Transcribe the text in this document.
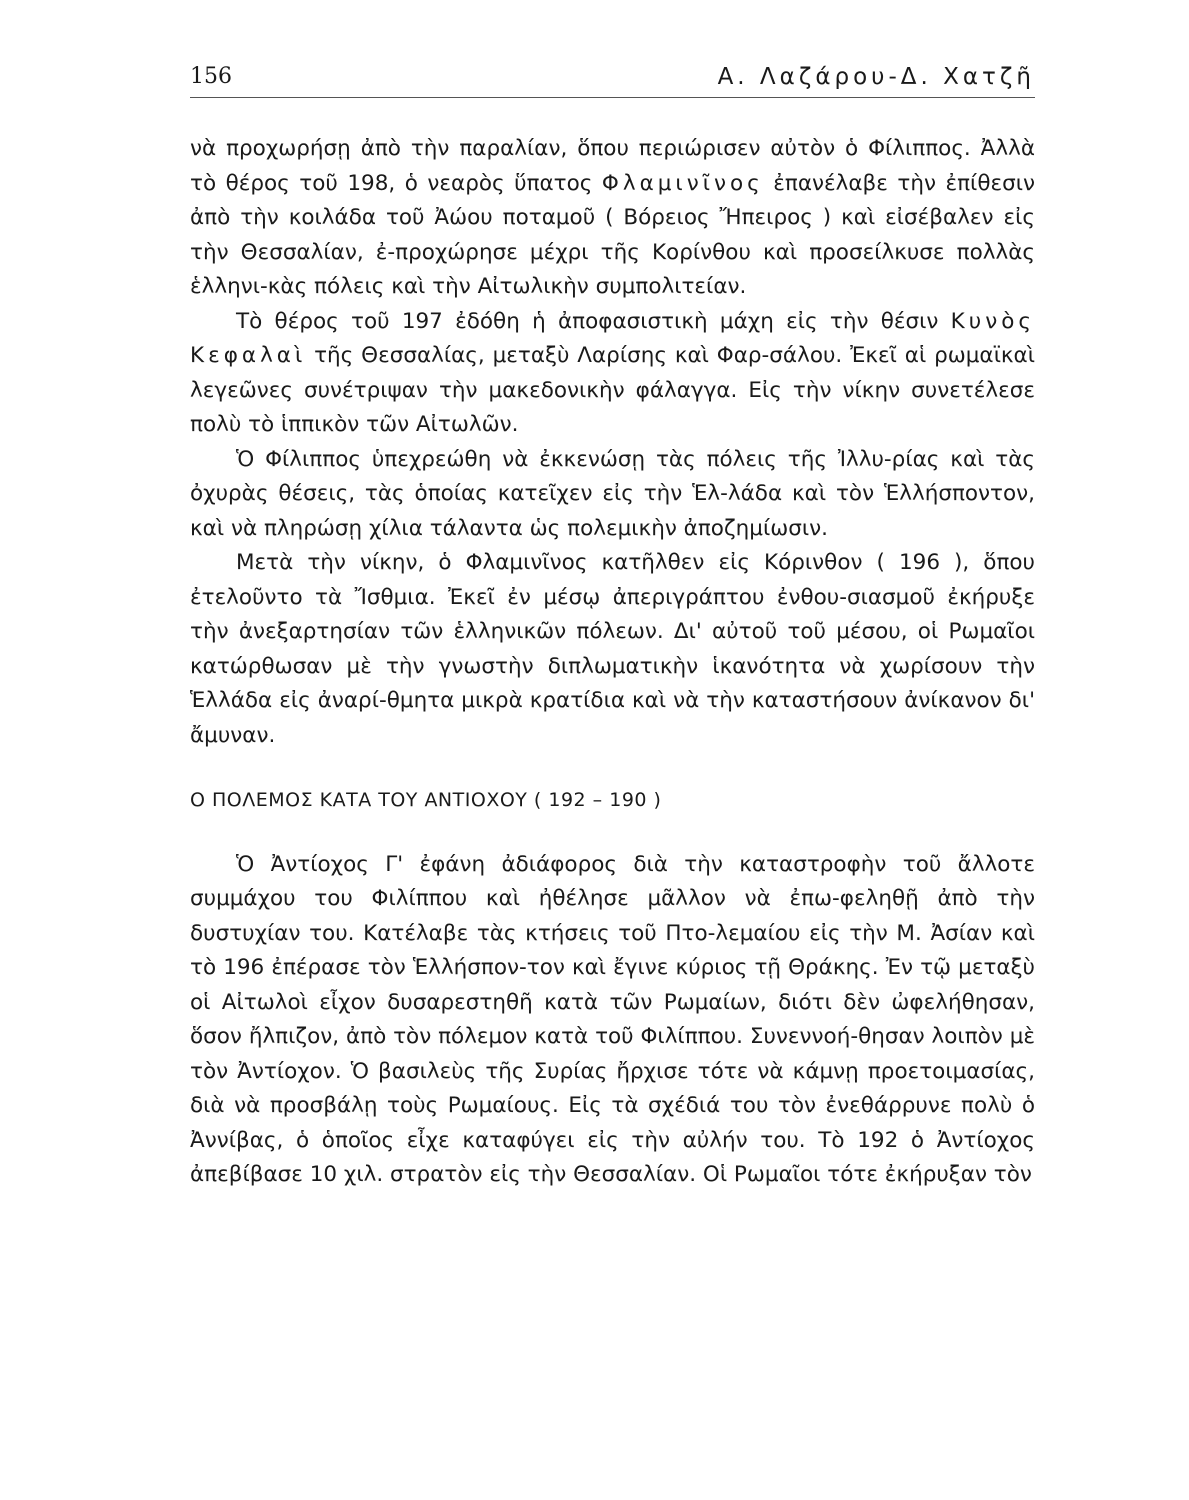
156	Α. Λαζάρου-Δ. Χατζῆ

νὰ προχωρήσῃ ἀπὸ τὴν παραλίαν, ὅπου περιώρισεν αὐτὸν ὁ Φίλιππος. Ἀλλὰ τὸ θέρος τοῦ 198, ὁ νεαρὸς ὕπατος Φλαμινῖνος ἐπανέλαβε τὴν ἐπίθεσιν ἀπὸ τὴν κοιλάδα τοῦ Ἀώου ποταμοῦ ( Βόρειος Ἤπειρος ) καὶ εἰσέβαλεν εἰς τὴν Θεσσαλίαν, ἐ-προχώρησε μέχρι τῆς Κορίνθου καὶ προσείλκυσε πολλὰς ἑλληνι-κὰς πόλεις καὶ τὴν Αἰτωλικὴν συμπολιτείαν.

Τὸ θέρος τοῦ 197 ἐδόθη ἡ ἀποφασιστικὴ μάχη εἰς τὴν θέσιν Κυνὸς Κεφαλαὶ τῆς Θεσσαλίας, μεταξὺ Λαρίσης καὶ Φαρ-σάλου. Ἐκεῖ αἱ ρωμαϊκαὶ λεγεῶνες συνέτριψαν τὴν μακεδονικὴν φάλαγγα. Εἰς τὴν νίκην συνετέλεσε πολὺ τὸ ἱππικὸν τῶν Αἰτωλῶν.

Ὁ Φίλιππος ὑπεχρεώθη νὰ ἐκκενώσῃ τὰς πόλεις τῆς Ἰλλυ-ρίας καὶ τὰς ὀχυρὰς θέσεις, τὰς ὁποίας κατεῖχεν εἰς τὴν Ἑλ-λάδα καὶ τὸν Ἑλλήσποντον, καὶ νὰ πληρώσῃ χίλια τάλαντα ὡς πολεμικὴν ἀποζημίωσιν.

Μετὰ τὴν νίκην, ὁ Φλαμινῖνος κατῆλθεν εἰς Κόρινθον ( 196 ), ὅπου ἐτελοῦντο τὰ Ἴσθμια. Ἐκεῖ ἐν μέσῳ ἀπεριγράπτου ἐνθου-σιασμοῦ ἐκήρυξε τὴν ἀνεξαρτησίαν τῶν ἑλληνικῶν πόλεων. Δι' αὐτοῦ τοῦ μέσου, οἱ Ρωμαῖοι κατώρθωσαν μὲ τὴν γνωστὴν διπλωματικὴν ἱκανότητα νὰ χωρίσουν τὴν Ἑλλάδα εἰς ἀναρί-θμητα μικρὰ κρατίδια καὶ νὰ τὴν καταστήσουν ἀνίκανον δι' ἄμυναν.

Ο ΠΟΛΕΜΟΣ ΚΑΤΑ ΤΟΥ ΑΝΤΙΟΧΟΥ ( 192 – 190 )

Ὁ Ἀντίοχος Γ' ἐφάνη ἀδιάφορος διὰ τὴν καταστροφὴν τοῦ ἄλλοτε συμμάχου του Φιλίππου καὶ ἠθέλησε μᾶλλον νὰ ἐπω-φεληθῇ ἀπὸ τὴν δυστυχίαν του. Κατέλαβε τὰς κτήσεις τοῦ Πτο-λεμαίου εἰς τὴν Μ. Ἀσίαν καὶ τὸ 196 ἐπέρασε τὸν Ἑλλήσπον-τον καὶ ἔγινε κύριος τῇ Θράκης. Ἐν τῷ μεταξὺ οἱ Αἰτωλοὶ εἶχον δυσαρεστηθῆ κατὰ τῶν Ρωμαίων, διότι δὲν ὠφελήθησαν, ὅσον ἤλπιζον, ἀπὸ τὸν πόλεμον κατὰ τοῦ Φιλίππου. Συνεννοή-θησαν λοιπὸν μὲ τὸν Ἀντίοχον. Ὁ βασιλεὺς τῆς Συρίας ἤρχισε τότε νὰ κάμνῃ προετοιμασίας, διὰ νὰ προσβάλῃ τοὺς Ρωμαίους. Εἰς τὰ σχέδιά του τὸν ἐνεθάρρυνε πολὺ ὁ Ἀννίβας, ὁ ὁποῖος εἶχε καταφύγει εἰς τὴν αὐλήν του. Τὸ 192 ὁ Ἀντίοχος ἀπεβίβασε 10 χιλ. στρατὸν εἰς τὴν Θεσσαλίαν. Οἱ Ρωμαῖοι τότε ἐκήρυξαν τὸν
